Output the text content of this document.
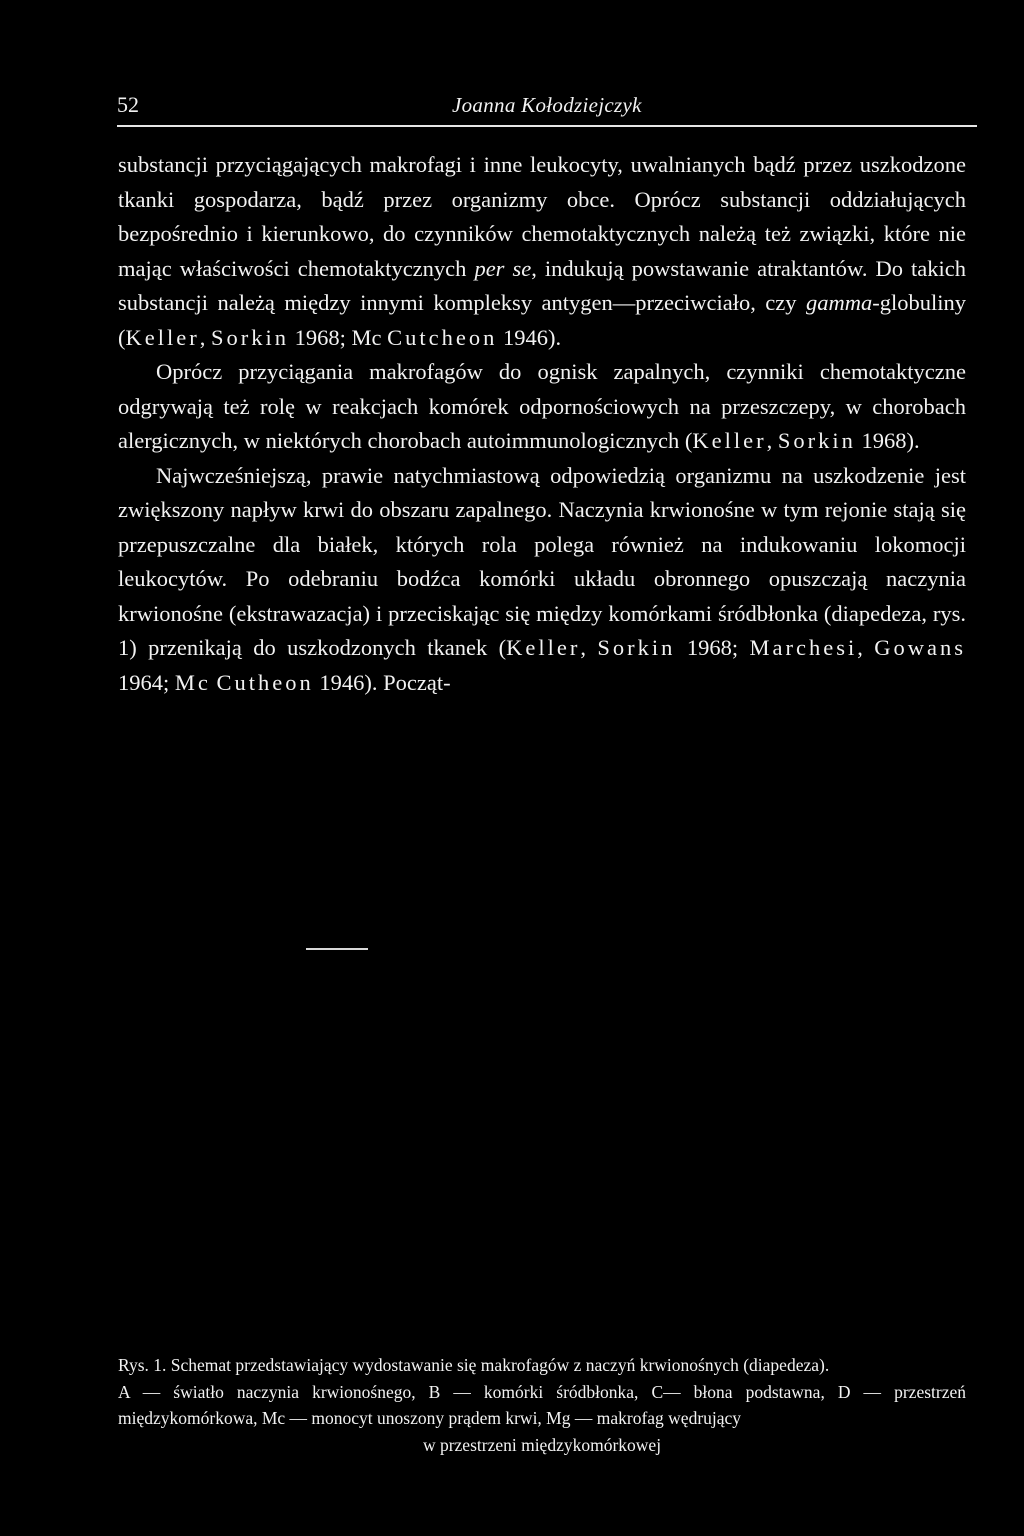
52	Joanna Kołodziejczyk

substancji przyciągających makrofagi i inne leukocyty, uwalnianych bądź przez uszkodzone tkanki gospodarza, bądź przez organizmy obce. Oprócz substancji oddziałujących bezpośrednio i kierunkowo, do czynników chemotaktycznych należą też związki, które nie mając właściwości chemotaktycznych per se, indukują powstawanie atraktantów. Do takich substancji należą między innymi kompleksy antygen—przeciwciało, czy gamma-globuliny (Keller, Sorkin 1968; Mc Cutcheon 1946).

Oprócz przyciągania makrofagów do ognisk zapalnych, czynniki chemotaktyczne odgrywają też rolę w reakcjach komórek odpornościowych na przeszczepy, w chorobach alergicznych, w niektórych chorobach autoimmunologicznych (Keller, Sorkin 1968).

Najwcześniejszą, prawie natychmiastową odpowiedzią organizmu na uszkodzenie jest zwiększony napływ krwi do obszaru zapalnego. Naczynia krwionośne w tym rejonie stają się przepuszczalne dla białek, których rola polega również na indukowaniu lokomocji leukocytów. Po odebraniu bodźca komórki układu obronnego opuszczają naczynia krwionośne (ekstrawazacja) i przeciskając się między komórkami śródbłonka (diapedeza, rys. 1) przenikają do uszkodzonych tkanek (Keller, Sorkin 1968; Marchesi, Gowans 1964; Mc Cutheon 1946). Począt-

Rys. 1. Schemat przedstawiający wydostawanie się makrofagów z naczyń krwionośnych (diapedeza).

A — światło naczynia krwionośnego, B — komórki śródbłonka, C— błona podstawna, D — przestrzeń międzykomórkowa, Mc — monocyt unoszony prądem krwi, Mg — makrofag wędrujący

w przestrzeni międzykomórkowej
